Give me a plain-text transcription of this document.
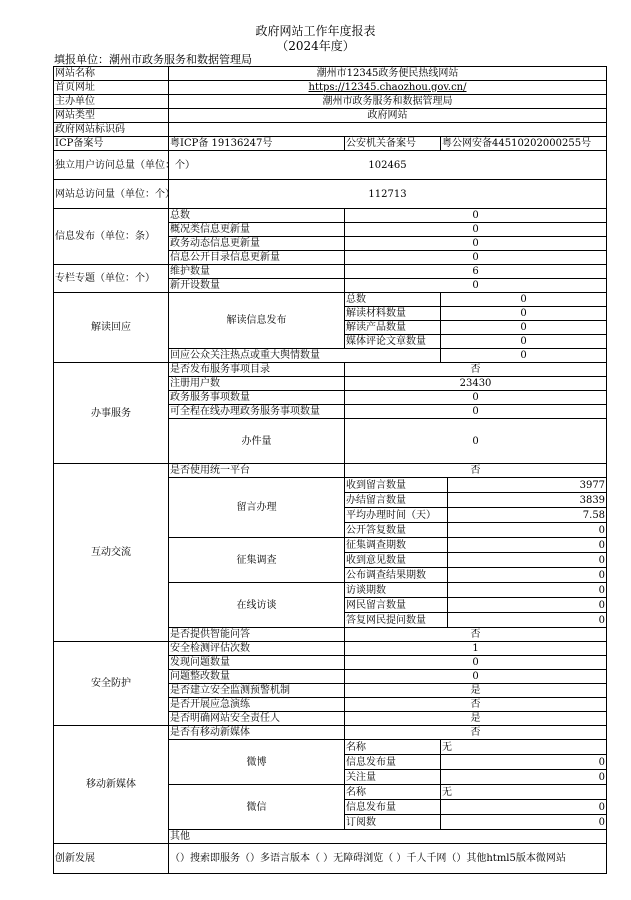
政府网站工作年度报表
（2024年度）
填报单位：潮州市政务服务和数据管理局
网站名称	潮州市12345政务便民热线网站			
首页网址	https://12345.chaozhou.gov.cn/			
主办单位	潮州市政务服务和数据管理局			
网站类型	政府网站			
政府网站标识码				
ICP备案号	粤ICP备 19136247号	公安机关备案号	粤公网安备44510202000255号	
独立用户访问总量（单位：个）	102465			
网站总访问量（单位：个）	112713			
信息发布（单位：条）	总数	0		
	概况类信息更新量	0		
	政务动态信息更新量	0		
	信息公开目录信息更新量	0		
专栏专题（单位：个）	维护数量	6		
	新开设数量	0		
解读回应	解读信息发布	总数	0	
		解读材料数量	0	
		解读产品数量	0	
		媒体评论文章数量	0	
	回应公众关注热点或重大舆情数量		0	
办事服务	是否发布服务事项目录	否		
	注册用户数	23430		
	政务服务事项数量	0		
	可全程在线办理政务服务事项数量	0		
	办件量	0		
互动交流	是否使用统一平台	否		
	留言办理	收到留言数量		3977
		办结留言数量		3839
		平均办理时间（天）		7.58
		公开答复数量		0
	征集调查	征集调查期数		0
		收到意见数量		0
		公布调查结果期数		0
	在线访谈	访谈期数		0
		网民留言数量		0
		答复网民提问数量		0
	是否提供智能问答	否		
安全防护	安全检测评估次数	1		
	发现问题数量	0		
	问题整改数量	0		
	是否建立安全监测预警机制	是		
	是否开展应急演练	否		
	是否明确网站安全责任人	是		
移动新媒体	是否有移动新媒体	否		
	微博	名称	无	
		信息发布量	0	
		关注量	0	
	微信	名称	无	
		信息发布量	0	
		订阅数	0	
	其他			
创新发展	（）搜索即服务（）多语言版本（ ）无障碍浏览（ ）千人千网（）其他html5版本微网站			
